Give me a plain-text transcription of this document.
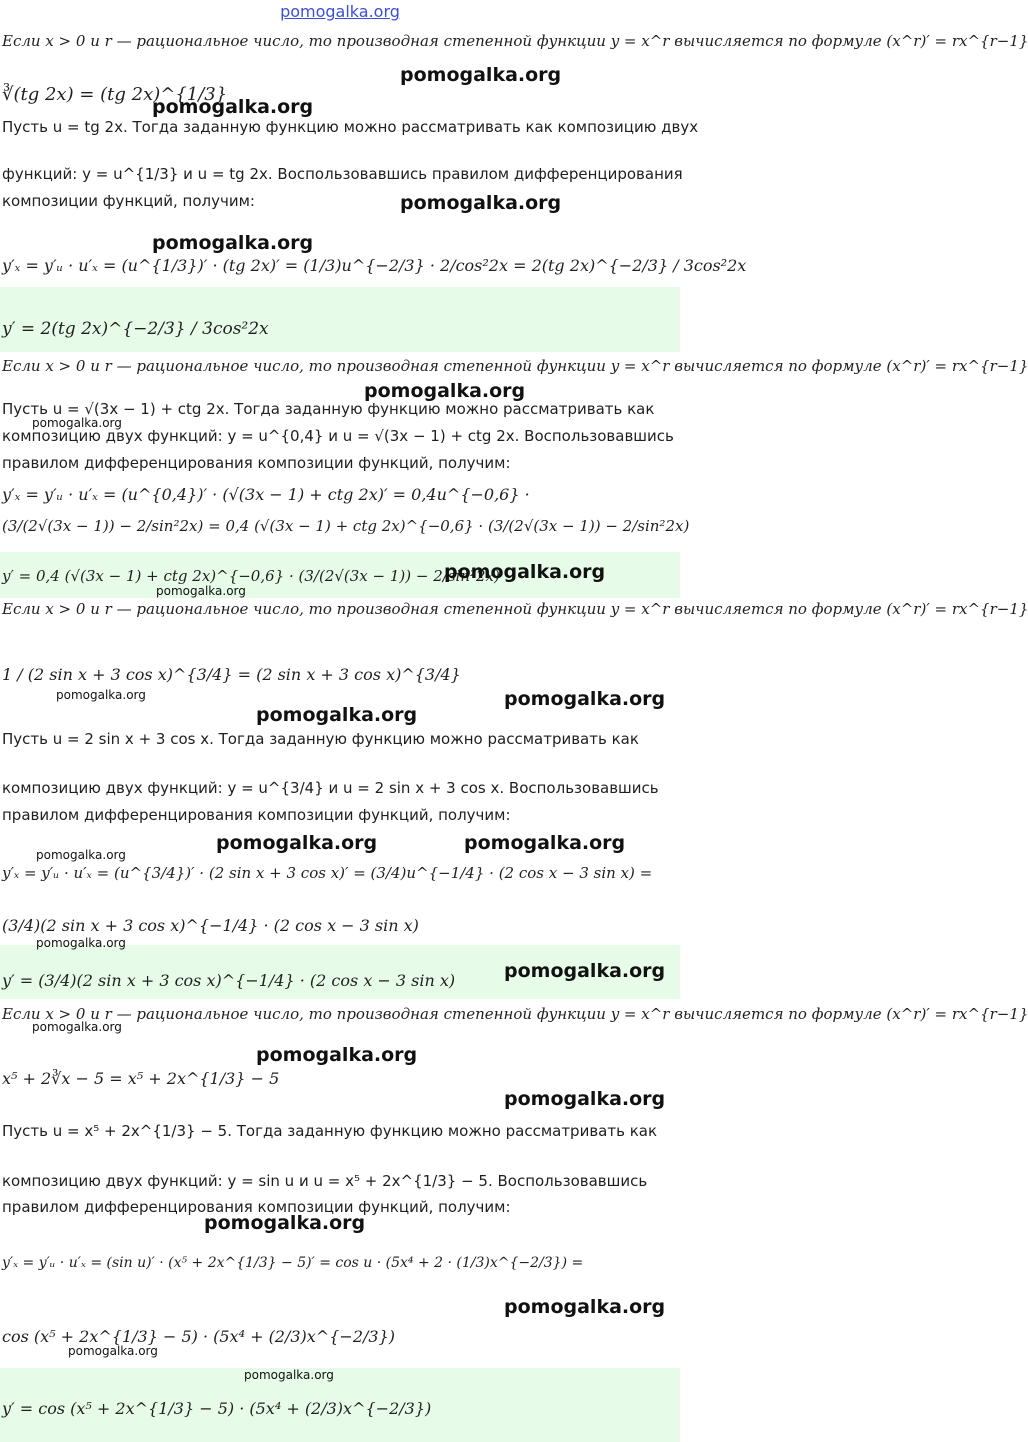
pomogalka.org
Если x > 0 и r — рациональное число, то производная степенной функции y = x^r вычисляется по формуле (x^r)′ = rx^{r−1}
∛(tg 2x) = (tg 2x)^{1/3}
Пусть u = tg 2x. Тогда заданную функцию можно рассматривать как композицию двух
функций: y = u^{1/3} и u = tg 2x. Воспользовавшись правилом дифференцирования
композиции функций, получим:
y′ₓ = y′ᵤ · u′ₓ = (u^{1/3})′ · (tg 2x)′ = (1/3)u^{−2/3} · 2/cos²2x = 2(tg 2x)^{−2/3} / 3cos²2x
y′ = 2(tg 2x)^{−2/3} / 3cos²2x
Если x > 0 и r — рациональное число, то производная степенной функции y = x^r вычисляется по формуле (x^r)′ = rx^{r−1}
Пусть u = √(3x − 1) + ctg 2x. Тогда заданную функцию можно рассматривать как
композицию двух функций: y = u^{0,4} и u = √(3x − 1) + ctg 2x. Воспользовавшись
правилом дифференцирования композиции функций, получим:
y′ₓ = y′ᵤ · u′ₓ = (u^{0,4})′ · (√(3x − 1) + ctg 2x)′ = 0,4u^{−0,6} ·
(3/(2√(3x − 1)) − 2/sin²2x) = 0,4 (√(3x − 1) + ctg 2x)^{−0,6} · (3/(2√(3x − 1)) − 2/sin²2x)
y′ = 0,4 (√(3x − 1) + ctg 2x)^{−0,6} · (3/(2√(3x − 1)) − 2/sin²2x)
Если x > 0 и r — рациональное число, то производная степенной функции y = x^r вычисляется по формуле (x^r)′ = rx^{r−1}
1 / (2 sin x + 3 cos x)^{3/4} = (2 sin x + 3 cos x)^{3/4}
Пусть u = 2 sin x + 3 cos x. Тогда заданную функцию можно рассматривать как
композицию двух функций: y = u^{3/4} и u = 2 sin x + 3 cos x. Воспользовавшись
правилом дифференцирования композиции функций, получим:
y′ₓ = y′ᵤ · u′ₓ = (u^{3/4})′ · (2 sin x + 3 cos x)′ = (3/4)u^{−1/4} · (2 cos x − 3 sin x) =
(3/4)(2 sin x + 3 cos x)^{−1/4} · (2 cos x − 3 sin x)
y′ = (3/4)(2 sin x + 3 cos x)^{−1/4} · (2 cos x − 3 sin x)
Если x > 0 и r — рациональное число, то производная степенной функции y = x^r вычисляется по формуле (x^r)′ = rx^{r−1}
x⁵ + 2∛x − 5 = x⁵ + 2x^{1/3} − 5
Пусть u = x⁵ + 2x^{1/3} − 5. Тогда заданную функцию можно рассматривать как
композицию двух функций: y = sin u и u = x⁵ + 2x^{1/3} − 5. Воспользовавшись
правилом дифференцирования композиции функций, получим:
y′ₓ = y′ᵤ · u′ₓ = (sin u)′ · (x⁵ + 2x^{1/3} − 5)′ = cos u · (5x⁴ + 2 · (1/3)x^{−2/3}) =
cos (x⁵ + 2x^{1/3} − 5) · (5x⁴ + (2/3)x^{−2/3})
y′ = cos (x⁵ + 2x^{1/3} − 5) · (5x⁴ + (2/3)x^{−2/3})
pomogalka.org
pomogalka.org
pomogalka.org
pomogalka.org
pomogalka.org
pomogalka.org
pomogalka.org
pomogalka.org
pomogalka.org	pomogalka.org
pomogalka.org
pomogalka.org	pomogalka.org
pomogalka.org
pomogalka.org
pomogalka.org
pomogalka.org
pomogalka.org
pomogalka.org
pomogalka.org
pomogalka.org
pomogalka.org
pomogalka.org
